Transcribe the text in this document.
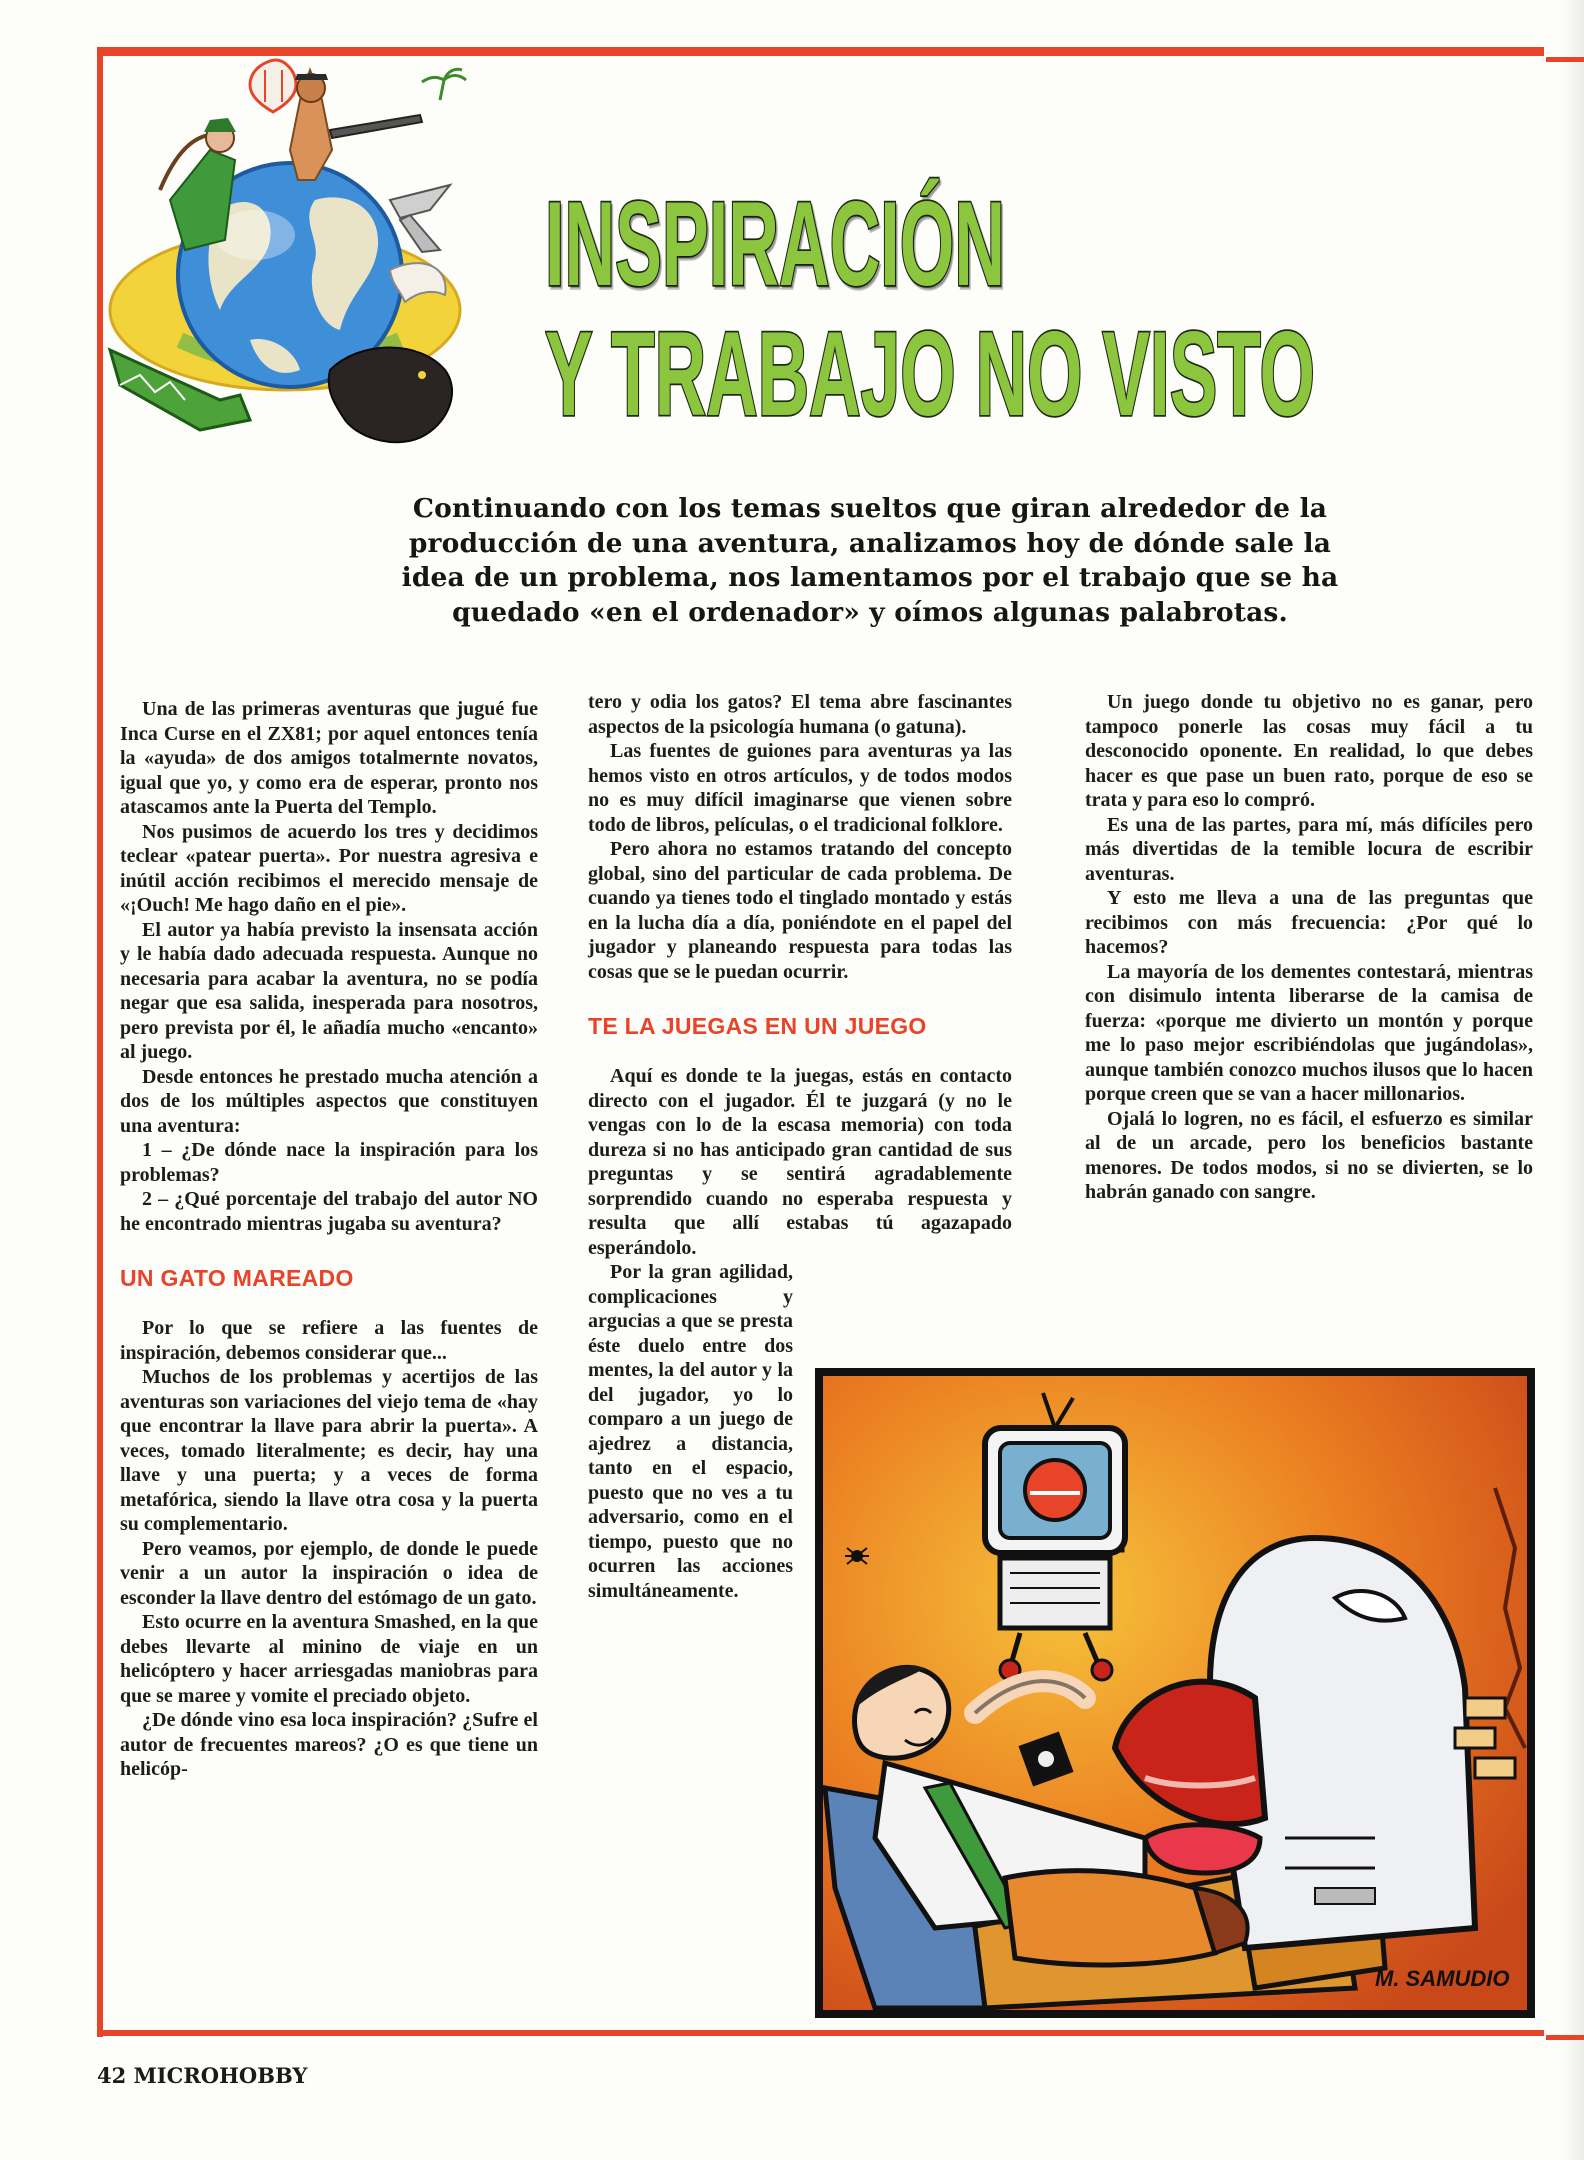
INSPIRACIÓN
Y TRABAJO NO VISTO

Continuando con los temas sueltos que giran alrededor de la producción de una aventura, analizamos hoy de dónde sale la idea de un problema, nos lamentamos por el trabajo que se ha quedado «en el ordenador» y oímos algunas palabrotas.

Una de las primeras aventuras que jugué fue Inca Curse en el ZX81; por aquel entonces tenía la «ayuda» de dos amigos totalmernte novatos, igual que yo, y como era de esperar, pronto nos atascamos ante la Puerta del Templo.

Nos pusimos de acuerdo los tres y decidimos teclear «patear puerta». Por nuestra agresiva e inútil acción recibimos el merecido mensaje de «¡Ouch! Me hago daño en el pie».

El autor ya había previsto la insensata acción y le había dado adecuada respuesta. Aunque no necesaria para acabar la aventura, no se podía negar que esa salida, inesperada para nosotros, pero prevista por él, le añadía mucho «encanto» al juego.

Desde entonces he prestado mucha atención a dos de los múltiples aspectos que constituyen una aventura:

1 – ¿De dónde nace la inspiración para los problemas?

2 – ¿Qué porcentaje del trabajo del autor NO he encontrado mientras jugaba su aventura?

UN GATO MAREADO

Por lo que se refiere a las fuentes de inspiración, debemos considerar que...

Muchos de los problemas y acertijos de las aventuras son variaciones del viejo tema de «hay que encontrar la llave para abrir la puerta». A veces, tomado literalmente; es decir, hay una llave y una puerta; y a veces de forma metafórica, siendo la llave otra cosa y la puerta su complementario.

Pero veamos, por ejemplo, de donde le puede venir a un autor la inspiración o idea de esconder la llave dentro del estómago de un gato.

Esto ocurre en la aventura Smashed, en la que debes llevarte al minino de viaje en un helicóptero y hacer arriesgadas maniobras para que se maree y vomite el preciado objeto.

¿De dónde vino esa loca inspiración? ¿Sufre el autor de frecuentes mareos? ¿O es que tiene un helicóp-

tero y odia los gatos? El tema abre fascinantes aspectos de la psicología humana (o gatuna).

Las fuentes de guiones para aventuras ya las hemos visto en otros artículos, y de todos modos no es muy difícil imaginarse que vienen sobre todo de libros, películas, o el tradicional folklore.

Pero ahora no estamos tratando del concepto global, sino del particular de cada problema. De cuando ya tienes todo el tinglado montado y estás en la lucha día a día, poniéndote en el papel del jugador y planeando respuesta para todas las cosas que se le puedan ocurrir.

TE LA JUEGAS EN UN JUEGO

Aquí es donde te la juegas, estás en contacto directo con el jugador. Él te juzgará (y no le vengas con lo de la escasa memoria) con toda dureza si no has anticipado gran cantidad de sus preguntas y se sentirá agradablemente sorprendido cuando no esperaba respuesta y resulta que allí estabas tú agazapado esperándolo.

Por la gran agilidad, complicaciones y argucias a que se presta éste duelo entre dos mentes, la del autor y la del jugador, yo lo comparo a un juego de ajedrez a distancia, tanto en el espacio, puesto que no ves a tu adversario, como en el tiempo, puesto que no ocurren las acciones simultáneamente.

Un juego donde tu objetivo no es ganar, pero tampoco ponerle las cosas muy fácil a tu desconocido oponente. En realidad, lo que debes hacer es que pase un buen rato, porque de eso se trata y para eso lo compró.

Es una de las partes, para mí, más difíciles pero más divertidas de la temible locura de escribir aventuras.

Y esto me lleva a una de las preguntas que recibimos con más frecuencia: ¿Por qué lo hacemos?

La mayoría de los dementes contestará, mientras con disimulo intenta liberarse de la camisa de fuerza: «porque me divierto un montón y porque me lo paso mejor escribiéndolas que jugándolas», aunque también conozco muchos ilusos que lo hacen porque creen que se van a hacer millonarios.

Ojalá lo logren, no es fácil, el esfuerzo es similar al de un arcade, pero los beneficios bastante menores. De todos modos, si no se divierten, se lo habrán ganado con sangre.

M. SAMUDIO
42 MICROHOBBY
